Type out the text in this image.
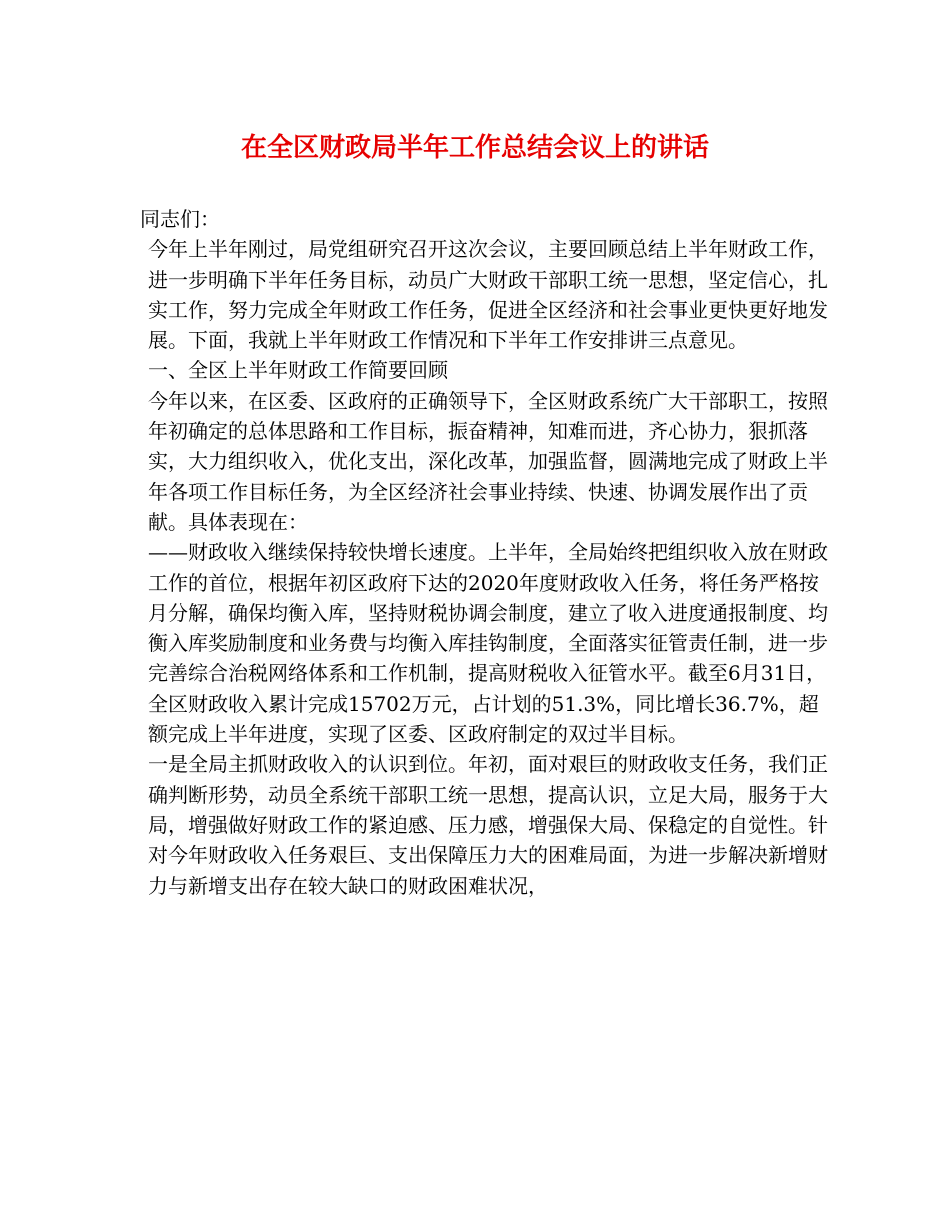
在全区财政局半年工作总结会议上的讲话

同志们：

今年上半年刚过，局党组研究召开这次会议，主要回顾总结上半年财政工作，进一步明确下半年任务目标，动员广大财政干部职工统一思想，坚定信心，扎实工作，努力完成全年财政工作任务，促进全区经济和社会事业更快更好地发展。下面，我就上半年财政工作情况和下半年工作安排讲三点意见。

一、全区上半年财政工作简要回顾

今年以来，在区委、区政府的正确领导下，全区财政系统广大干部职工，按照年初确定的总体思路和工作目标，振奋精神，知难而进，齐心协力，狠抓落实，大力组织收入，优化支出，深化改革，加强监督，圆满地完成了财政上半年各项工作目标任务，为全区经济社会事业持续、快速、协调发展作出了贡献。具体表现在：

——财政收入继续保持较快增长速度。上半年，全局始终把组织收入放在财政工作的首位，根据年初区政府下达的2020年度财政收入任务，将任务严格按月分解，确保均衡入库，坚持财税协调会制度，建立了收入进度通报制度、均衡入库奖励制度和业务费与均衡入库挂钩制度，全面落实征管责任制，进一步完善综合治税网络体系和工作机制，提高财税收入征管水平。截至6月31日，全区财政收入累计完成15702万元，占计划的51.3%，同比增长36.7%，超额完成上半年进度，实现了区委、区政府制定的双过半目标。

一是全局主抓财政收入的认识到位。年初，面对艰巨的财政收支任务，我们正确判断形势，动员全系统干部职工统一思想，提高认识，立足大局，服务于大局，增强做好财政工作的紧迫感、压力感，增强保大局、保稳定的自觉性。针对今年财政收入任务艰巨、支出保障压力大的困难局面，为进一步解决新增财力与新增支出存在较大缺口的财政困难状况，
